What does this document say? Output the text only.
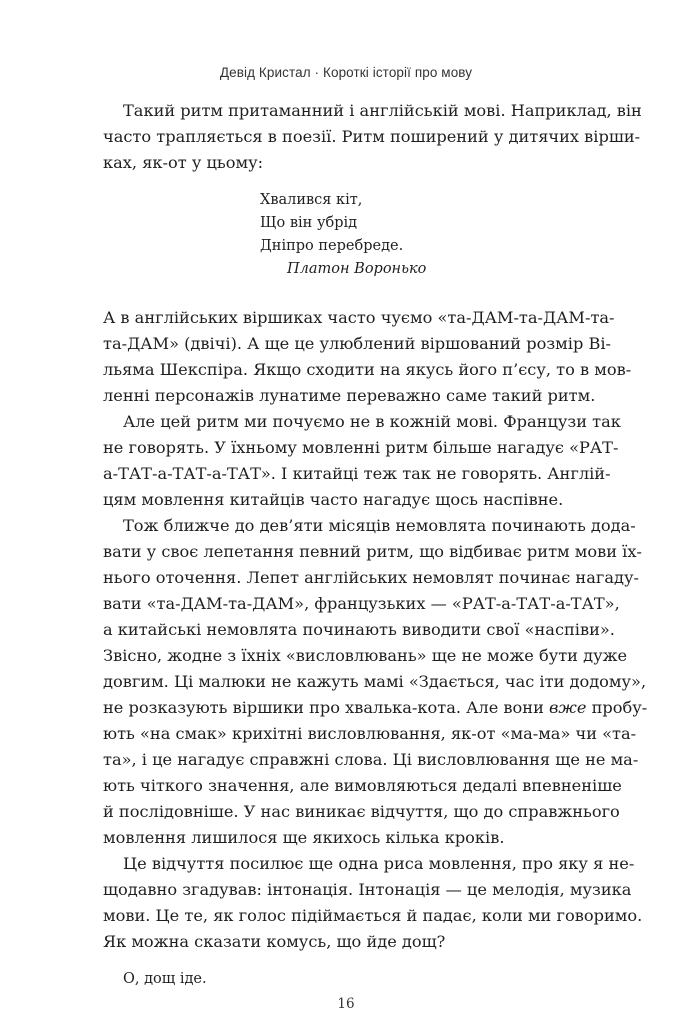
Девід Кристал · Короткі історії про мову
Такий ритм притаманний і англійській мові. Наприклад, він
часто трапляється в поезії. Ритм поширений у дитячих вірши-
ках, як-от у цьому:
Хвалився кіт,
Що він убрід
Дніпро перебреде.
Платон Воронько
А в англійських віршиках часто чуємо «та-ДАМ-та-ДАМ-та-
та-ДАМ» (двічі). А ще це улюблений віршований розмір Ві-
льяма Шекспіра. Якщо сходити на якусь його п’єсу, то в мов-
ленні персонажів лунатиме переважно саме такий ритм.
Але цей ритм ми почуємо не в кожній мові. Французи так
не говорять. У їхньому мовленні ритм більше нагадує «РАТ-
а-ТАТ-а-ТАТ-а-ТАТ». І китайці теж так не говорять. Англій-
цям мовлення китайців часто нагадує щось наспівне.
Тож ближче до дев’яти місяців немовлята починають дода-
вати у своє лепетання певний ритм, що відбиває ритм мови їх-
нього оточення. Лепет англійських немовлят починає нагаду-
вати «та-ДАМ-та-ДАМ», французьких — «РАТ-а-ТАТ-а-ТАТ»,
а китайські немовлята починають виводити свої «наспіви».
Звісно, жодне з їхніх «висловлювань» ще не може бути дуже
довгим. Ці малюки не кажуть мамі «Здається, час іти додому»,
не розказують віршики про хвалька-кота. Але вони вже пробу-
ють «на смак» крихітні висловлювання, як-от «ма-ма» чи «та-
та», і це нагадує справжні слова. Ці висловлювання ще не ма-
ють чіткого значення, але вимовляються дедалі впевненіше
й послідовніше. У нас виникає відчуття, що до справжнього
мовлення лишилося ще якихось кілька кроків.
Це відчуття посилює ще одна риса мовлення, про яку я не-
щодавно згадував: інтонація. Інтонація — це мелодія, музика
мови. Це те, як голос підіймається й падає, коли ми говоримо.
Як можна сказати комусь, що йде дощ?
О, дощ іде.
16
